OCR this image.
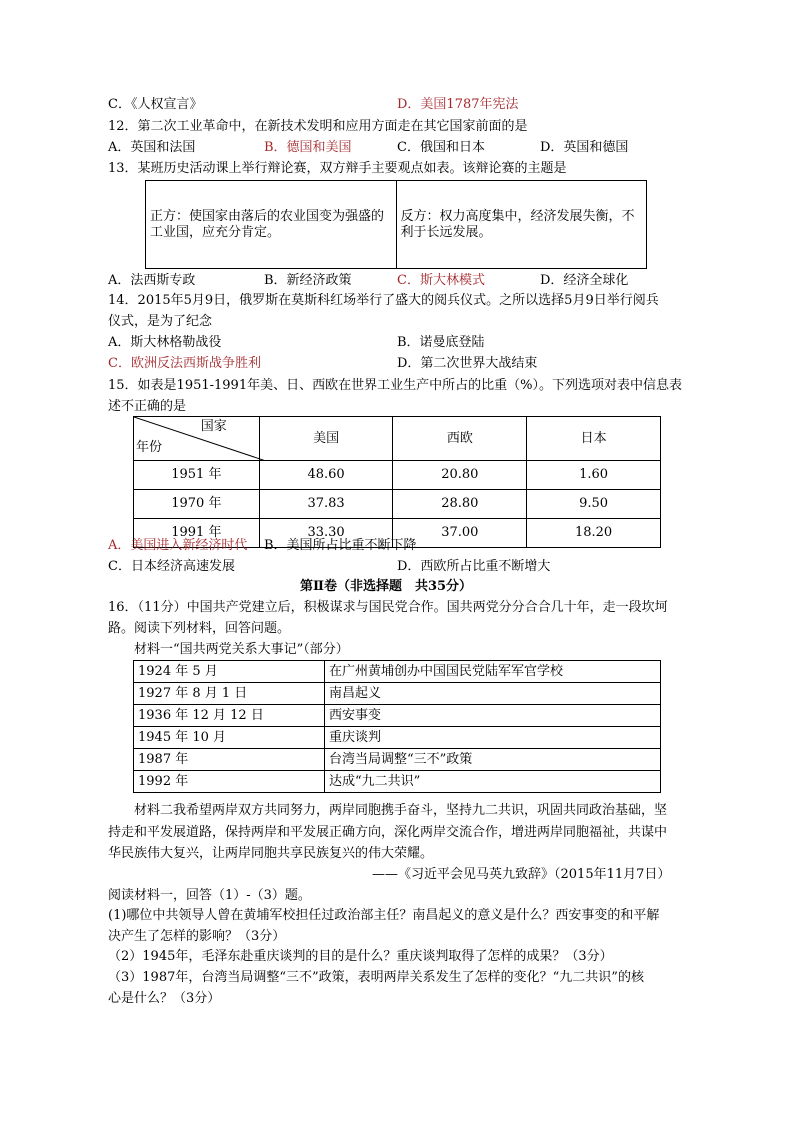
C．《人权宣言》	D．美国1787年宪法
12．第二次工业革命中，在新技术发明和应用方面走在其它国家前面的是
A．英国和法国	B．德国和美国	C．俄国和日本	D．英国和德国
13．某班历史活动课上举行辩论赛，双方辩手主要观点如表。该辩论赛的主题是
正方：使国家由落后的农业国变为强盛的
工业国，应充分肯定。

反方：权力高度集中，经济发展失衡，不
利于长远发展。
A．法西斯专政	B．新经济政策	C．斯大林模式	D．经济全球化
14．2015年5月9日，俄罗斯在莫斯科红场举行了盛大的阅兵仪式。之所以选择5月9日举行阅兵
仪式，是为了纪念
A．斯大林格勒战役	B．诺曼底登陆
C．欧洲反法西斯战争胜利	D．第二次世界大战结束
15．如表是1951-1991年美、日、西欧在世界工业生产中所占的比重（%）。下列选项对表中信息表
述不正确的是
国家
年份	美国	西欧	日本
1951 年	48.60	20.80	1.60
1970 年	37.83	28.80	9.50
1991 年	33.30	37.00	18.20
A．美国进入新经济时代 B．美国所占比重不断下降
C．日本经济高速发展	D．西欧所占比重不断增大
第Ⅱ卷（非选择题　共35分）
16．（11分）中国共产党建立后，积极谋求与国民党合作。国共两党分分合合几十年，走一段坎坷
路。阅读下列材料，回答问题。
材料一“国共两党关系大事记”（部分）
1924 年 5 月	在广州黄埔创办中国国民党陆军军官学校
1927 年 8 月 1 日	南昌起义
1936 年 12 月 12 日	西安事变
1945 年 10 月	重庆谈判
1987 年	台湾当局调整“三不”政策
1992 年	达成“九二共识”
材料二我希望两岸双方共同努力，两岸同胞携手奋斗，坚持九二共识，巩固共同政治基础，坚
持走和平发展道路，保持两岸和平发展正确方向，深化两岸交流合作，增进两岸同胞福祉，共谋中
华民族伟大复兴，让两岸同胞共享民族复兴的伟大荣耀。
——《习近平会见马英九致辞》（2015年11月7日）
阅读材料一，回答（1）-（3）题。
(1)哪位中共领导人曾在黄埔军校担任过政治部主任？南昌起义的意义是什么？西安事变的和平解
决产生了怎样的影响？（3分）
（2）1945年，毛泽东赴重庆谈判的目的是什么？重庆谈判取得了怎样的成果？（3分）
（3）1987年，台湾当局调整“三不”政策，表明两岸关系发生了怎样的变化？“九二共识”的核
心是什么？（3分）
